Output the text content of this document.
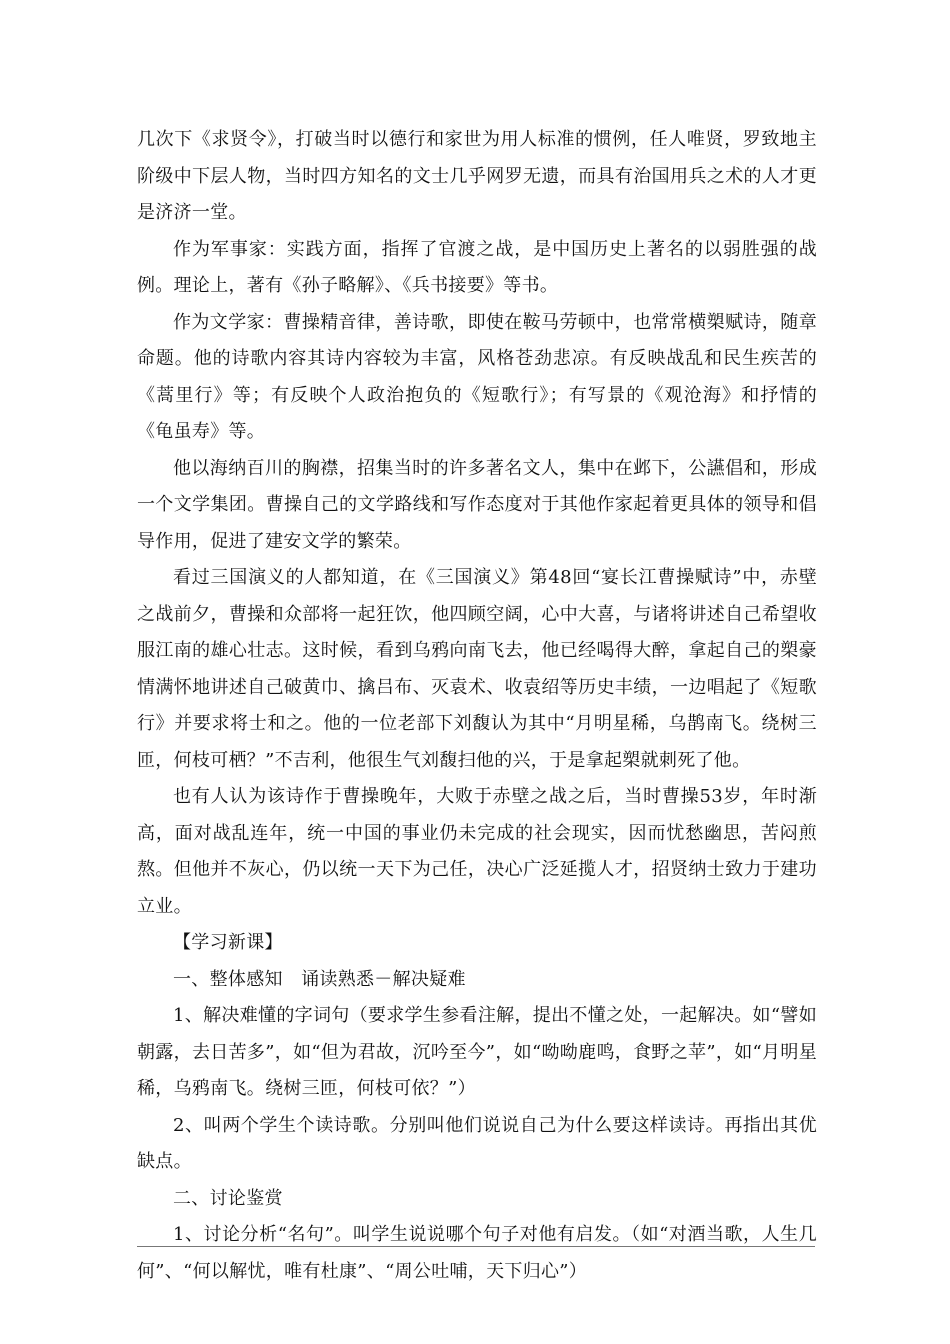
几次下《求贤令》，打破当时以德行和家世为用人标准的惯例，任人唯贤，罗致地主阶级中下层人物，当时四方知名的文士几乎网罗无遗，而具有治国用兵之术的人才更是济济一堂。

作为军事家：实践方面，指挥了官渡之战，是中国历史上著名的以弱胜强的战例。理论上，著有《孙子略解》、《兵书接要》等书。

作为文学家：曹操精音律，善诗歌，即使在鞍马劳顿中，也常常横槊赋诗，随章命题。他的诗歌内容其诗内容较为丰富，风格苍劲悲凉。有反映战乱和民生疾苦的《蒿里行》等；有反映个人政治抱负的《短歌行》；有写景的《观沧海》和抒情的《龟虽寿》等。

他以海纳百川的胸襟，招集当时的许多著名文人，集中在邺下，公讌倡和，形成一个文学集团。曹操自己的文学路线和写作态度对于其他作家起着更具体的领导和倡导作用，促进了建安文学的繁荣。

看过三国演义的人都知道，在《三国演义》第48回“宴长江曹操赋诗”中，赤壁之战前夕，曹操和众部将一起狂饮，他四顾空阔，心中大喜，与诸将讲述自己希望收服江南的雄心壮志。这时候，看到乌鸦向南飞去，他已经喝得大醉，拿起自己的槊豪情满怀地讲述自己破黄巾、擒吕布、灭袁术、收袁绍等历史丰绩，一边唱起了《短歌行》并要求将士和之。他的一位老部下刘馥认为其中“月明星稀，乌鹊南飞。绕树三匝，何枝可栖？”不吉利，他很生气刘馥扫他的兴，于是拿起槊就刺死了他。

也有人认为该诗作于曹操晚年，大败于赤壁之战之后，当时曹操53岁，年时渐高，面对战乱连年，统一中国的事业仍未完成的社会现实，因而忧愁幽思，苦闷煎熬。但他并不灰心，仍以统一天下为己任，决心广泛延揽人才，招贤纳士致力于建功立业。

【学习新课】

一、整体感知　诵读熟悉－解决疑难

1、解决难懂的字词句（要求学生参看注解，提出不懂之处，一起解决。如“譬如朝露，去日苦多”，如“但为君故，沉吟至今”，如“呦呦鹿鸣，食野之苹”，如“月明星稀，乌鸦南飞。绕树三匝，何枝可依？”）

2、叫两个学生个读诗歌。分别叫他们说说自己为什么要这样读诗。再指出其优缺点。

二、讨论鉴赏

1、讨论分析“名句”。叫学生说说哪个句子对他有启发。（如“对酒当歌，人生几何”、“何以解忧，唯有杜康”、“周公吐哺，天下归心”）
